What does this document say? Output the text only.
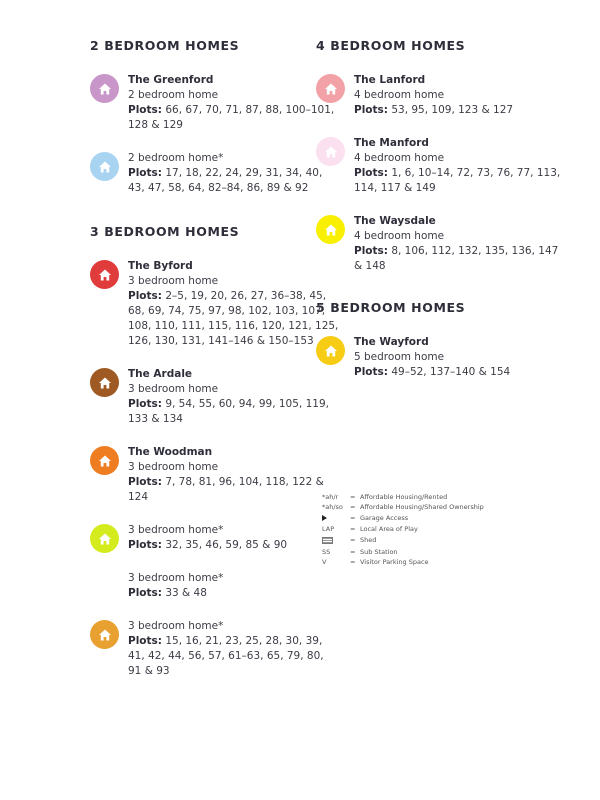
2 BEDROOM HOMES
The Greenford
2 bedroom home
Plots: 66, 67, 70, 71, 87, 88, 100–101, 128 & 129
2 bedroom home*
Plots: 17, 18, 22, 24, 29, 31, 34, 40, 43, 47, 58, 64, 82–84, 86, 89 & 92
3 BEDROOM HOMES
The Byford
3 bedroom home
Plots: 2–5, 19, 20, 26, 27, 36–38, 45, 68, 69, 74, 75, 97, 98, 102, 103, 107, 108, 110, 111, 115, 116, 120, 121, 125, 126, 130, 131, 141–146 & 150–153
The Ardale
3 bedroom home
Plots: 9, 54, 55, 60, 94, 99, 105, 119, 133 & 134
The Woodman
3 bedroom home
Plots: 7, 78, 81, 96, 104, 118, 122 & 124
3 bedroom home*
Plots: 32, 35, 46, 59, 85 & 90
3 bedroom home*
Plots: 33 & 48
3 bedroom home*
Plots: 15, 16, 21, 23, 25, 28, 30, 39, 41, 42, 44, 56, 57, 61–63, 65, 79, 80, 91 & 93
4 BEDROOM HOMES
The Lanford
4 bedroom home
Plots: 53, 95, 109, 123 & 127
The Manford
4 bedroom home
Plots: 1, 6, 10–14, 72, 73, 76, 77, 113, 114, 117 & 149
The Waysdale
4 bedroom home
Plots: 8, 106, 112, 132, 135, 136, 147 & 148
5 BEDROOM HOMES
The Wayford
5 bedroom home
Plots: 49–52, 137–140 & 154
*ah/r	= Affordable Housing/Rented
*ah/so	= Affordable Housing/Shared Ownership
= Garage Access
LAP	= Local Area of Play
= Shed
SS	= Sub Station
V	= Visitor Parking Space
